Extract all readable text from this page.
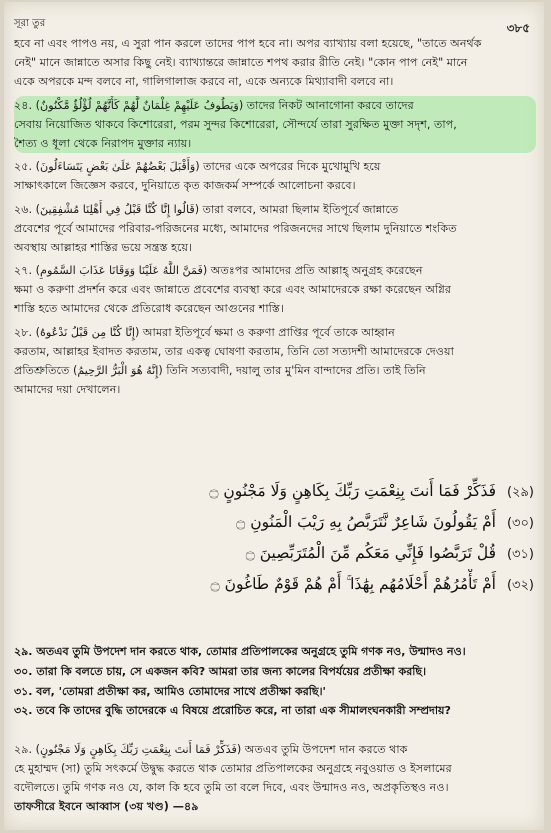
সূরা তুর	৩৮৫
হবে না এবং পাপও নয়, এ সুরা পান করলে তাদের পাপ হবে না। অপর ব্যাখ্যায় বলা হয়েছে, "তাতে অনর্থক
নেই" মানে জান্নাতে অসার কিছু নেই। ব্যাখ্যান্তরে জান্নাতে শপথ করার রীতি নেই। "কোন পাপ নেই" মানে
একে অপরকে মন্দ বলবে না, গালিগালাজ করবে না, একে অন্যকে মিথ্যাবাদী বলবে না।
২৪. (وَيَطُوفُ عَلَيْهِمْ غِلْمَانٌ لَّهُمْ كَأَنَّهُمْ لُؤْلُؤٌ مَّكْنُونٌ) তাদের নিকট আনাগোনা করবে তাদের
সেবায় নিয়োজিত থাকবে কিশোরেরা, পরম সুন্দর কিশোরেরা, সৌন্দর্যে তারা সুরক্ষিত মুক্তা সদৃশ, তাপ,
শৈত্য ও ধূলা থেকে নিরাপদ মুক্তার ন্যায়।
২৫. (وَأَقْبَلَ بَعْضُهُمْ عَلَىٰ بَعْضٍ يَتَسَاءَلُونَ) তাদের একে অপরের দিকে মুখোমুখি হয়ে
সাক্ষাৎকালে জিজ্ঞেস করবে, দুনিয়াতে কৃত কাজকর্ম সম্পর্কে আলোচনা করবে।
২৬. (قَالُوا إِنَّا كُنَّا قَبْلُ فِي أَهْلِنَا مُشْفِقِينَ) তারা বলবে, আমরা ছিলাম ইতিপূর্বে জান্নাতে
প্রবেশের পূর্বে আমাদের পরিবার-পরিজনের মধ্যে, আমাদের পরিজনদের সাথে ছিলাম দুনিয়াতে শংকিত
অবস্থায় আল্লাহর শাস্তির ভয়ে সন্ত্রস্ত হয়ে।
২৭. (فَمَنَّ اللَّهُ عَلَيْنَا وَوَقَانَا عَذَابَ السَّمُومِ) অতঃপর আমাদের প্রতি আল্লাহ্ অনুগ্রহ করেছেন
ক্ষমা ও করুণা প্রদর্শন করে এবং জান্নাতে প্রবেশের ব্যবস্থা করে এবং আমাদেরকে রক্ষা করেছেন অগ্নির
শাস্তি হতে আমাদের থেকে প্রতিরোধ করেছেন আগুনের শাস্তি।
২৮. (إِنَّا كُنَّا مِن قَبْلُ نَدْعُوهُ) আমরা ইতিপূর্বে ক্ষমা ও করুণা প্রাপ্তির পূর্বে তাকে আহ্বান
করতাম, আল্লাহর ইবাদত করতাম, তার একত্ব ঘোষণা করতাম, তিনি তো সত্যদশী আমাদেরকে দেওয়া
প্রতিশ্রুতিতে (إِنَّهُ هُوَ الْبَرُّ الرَّحِيمُ) তিনি সত্যবাদী, দয়ালু তার মু'মিন বান্দাদের প্রতি। তাই তিনি
আমাদের দয়া দেখালেন।
(২৯) فَذَكِّرْ فَمَا أَنتَ بِنِعْمَتِ رَبِّكَ بِكَاهِنٍ وَلَا مَجْنُونٍ ۝
(৩০) أَمْ يَقُولُونَ شَاعِرٌ نَّتَرَبَّصُ بِهِ رَيْبَ الْمَنُونِ ۝
(৩১) قُلْ تَرَبَّصُوا فَإِنِّي مَعَكُم مِّنَ الْمُتَرَبِّصِينَ ۝
(৩২) أَمْ تَأْمُرُهُمْ أَحْلَامُهُم بِهَٰذَا ۚ أَمْ هُمْ قَوْمٌ طَاغُونَ ۝
২৯. অতএব তুমি উপদেশ দান করতে থাক, তোমার প্রতিপালকের অনুগ্রহে তুমি গণক নও, উন্মাদও নও।
৩০. তারা কি বলতে চায়, সে একজন কবি? আমরা তার জন্য কালের বিপর্যয়ের প্রতীক্ষা করছি।
৩১. বল, 'তোমরা প্রতীক্ষা কর, আমিও তোমাদের সাথে প্রতীক্ষা করছি।'
৩২. তবে কি তাদের বুদ্ধি তাদেরকে এ বিষয়ে প্ররোচিত করে, না তারা এক সীমালংঘনকারী সম্প্রদায়?
২৯. (فَذَكِّرْ فَمَا أَنتَ بِنِعْمَتِ رَبِّكَ بِكَاهِنٍ وَلَا مَجْنُونٍ) অতএব তুমি উপদেশ দান করতে থাক
হে মুহাম্মদ (সা) তুমি সৎকর্মে উদ্বুদ্ধ করতে থাক তোমার প্রতিপালকের অনুগ্রহে নবুওয়াত ও ইসলামের
বদৌলতে। তুমি গণক নও যে, কাল কি হবে তুমি তা বলে দিবে, এবং উন্মাদও নও, অপ্রকৃতিস্থও নও।
তাফসীরে ইবনে আব্বাস (৩য় খণ্ড) —৪৯
